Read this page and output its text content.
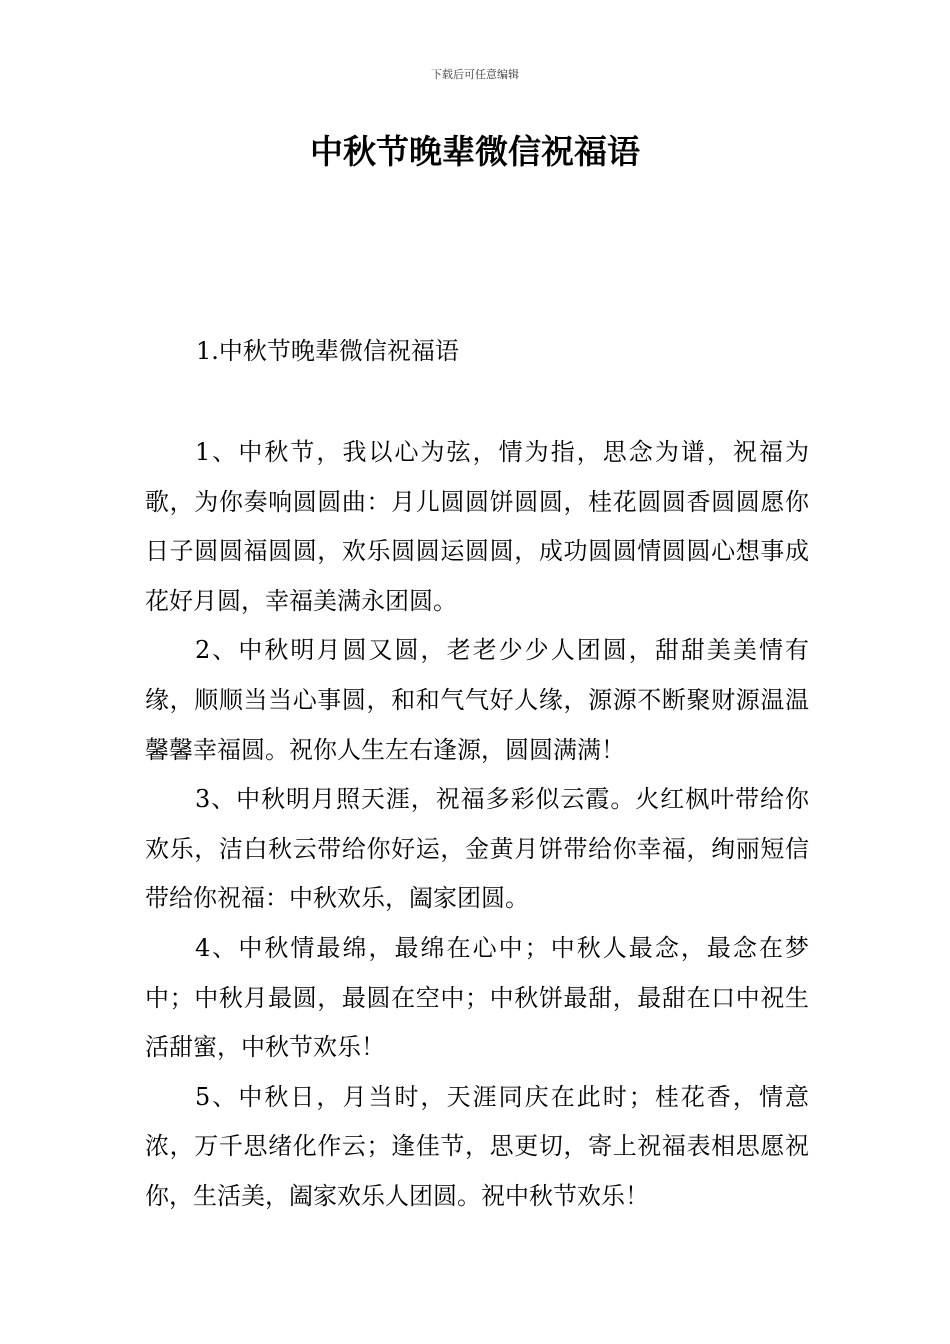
下载后可任意编辑
中秋节晚辈微信祝福语
1.中秋节晚辈微信祝福语

1、中秋节，我以心为弦，情为指，思念为谱，祝福为歌，为你奏响圆圆曲：月儿圆圆饼圆圆，桂花圆圆香圆圆愿你日子圆圆福圆圆，欢乐圆圆运圆圆，成功圆圆情圆圆心想事成花好月圆，幸福美满永团圆。

2、中秋明月圆又圆，老老少少人团圆，甜甜美美情有缘，顺顺当当心事圆，和和气气好人缘，源源不断聚财源温温馨馨幸福圆。祝你人生左右逢源，圆圆满满！

3、中秋明月照天涯，祝福多彩似云霞。火红枫叶带给你欢乐，洁白秋云带给你好运，金黄月饼带给你幸福，绚丽短信带给你祝福：中秋欢乐，阖家团圆。

4、中秋情最绵，最绵在心中；中秋人最念，最念在梦中；中秋月最圆，最圆在空中；中秋饼最甜，最甜在口中祝生活甜蜜，中秋节欢乐！

5、中秋日，月当时，天涯同庆在此时；桂花香，情意浓，万千思绪化作云；逢佳节，思更切，寄上祝福表相思愿祝你，生活美，阖家欢乐人团圆。祝中秋节欢乐！
